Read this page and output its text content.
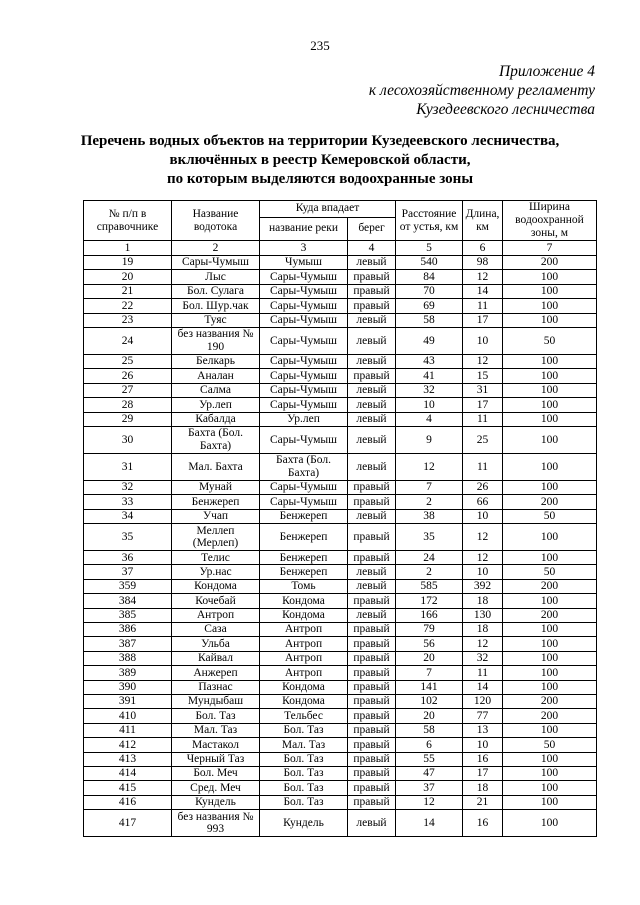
235
Приложение 4
к лесохозяйственному регламенту
Кузедеевского лесничества
Перечень водных объектов на территории Кузедеевского лесничества,
включённых в реестр Кемеровской области,
по которым выделяются водоохранные зоны
№ п/п в справочнике	Название водотока	Куда впадает		Расстояние от устья, км	Длина, км	Ширина водоохранной зоны, м
		название реки	берег			
1	2	3	4	5	6	7
19	Сары-Чумыш	Чумыш	левый	540	98	200
20	Лыс	Сары-Чумыш	правый	84	12	100
21	Бол. Сулага	Сары-Чумыш	правый	70	14	100
22	Бол. Шур.чак	Сары-Чумыш	правый	69	11	100
23	Туяс	Сары-Чумыш	левый	58	17	100
24	без названия № 190	Сары-Чумыш	левый	49	10	50
25	Белкарь	Сары-Чумыш	левый	43	12	100
26	Аналан	Сары-Чумыш	правый	41	15	100
27	Салма	Сары-Чумыш	левый	32	31	100
28	Ур.леп	Сары-Чумыш	левый	10	17	100
29	Кабалда	Ур.леп	левый	4	11	100
30	Бахта (Бол. Бахта)	Сары-Чумыш	левый	9	25	100
31	Мал. Бахта	Бахта (Бол. Бахта)	левый	12	11	100
32	Мунай	Сары-Чумыш	правый	7	26	100
33	Бенжереп	Сары-Чумыш	правый	2	66	200
34	Учап	Бенжереп	левый	38	10	50
35	Меллеп (Мерлеп)	Бенжереп	правый	35	12	100
36	Телис	Бенжереп	правый	24	12	100
37	Ур.нас	Бенжереп	левый	2	10	50
359	Кондома	Томь	левый	585	392	200
384	Кочебай	Кондома	правый	172	18	100
385	Антроп	Кондома	левый	166	130	200
386	Саза	Антроп	правый	79	18	100
387	Ульба	Антроп	правый	56	12	100
388	Кайвал	Антроп	правый	20	32	100
389	Анжереп	Антроп	правый	7	11	100
390	Пазнас	Кондома	правый	141	14	100
391	Мундыбаш	Кондома	правый	102	120	200
410	Бол. Таз	Тельбес	правый	20	77	200
411	Мал. Таз	Бол. Таз	правый	58	13	100
412	Мастакол	Мал. Таз	правый	6	10	50
413	Черный Таз	Бол. Таз	правый	55	16	100
414	Бол. Меч	Бол. Таз	правый	47	17	100
415	Сред. Меч	Бол. Таз	правый	37	18	100
416	Кундель	Бол. Таз	правый	12	21	100
417	без названия № 993	Кундель	левый	14	16	100
